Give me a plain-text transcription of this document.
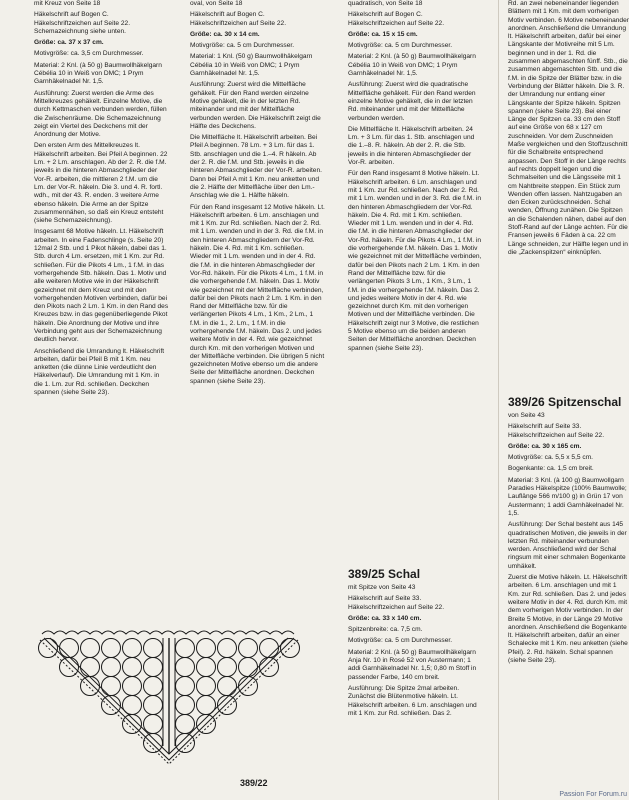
mit Kreuz von Seite 18

Häkelschrift auf Bogen C.

Häkelschriftzeichen auf Seite 22.

Schemazeichnung siehe unten.

Größe: ca. 37 x 37 cm.

Motivgröße: ca. 3,5 cm Durchmesser.

Material: 2 Knl. (à 50 g) Baumwollhäkelgarn Cébélia 10 in Weiß von DMC; 1 Prym Garnhäkelnadel Nr. 1,5.

Ausführung: Zuerst werden die Arme des Mittelkreuzes gehäkelt. Einzelne Motive, die durch Kettmaschen verbunden werden, füllen die Zwischenräume. Die Schemazeichnung zeigt ein Viertel des Deckchens mit der Anordnung der Motive.

Den ersten Arm des Mittelkreuzes lt. Häkelschrift arbeiten. Bei Pfeil A beginnen. 22 Lm. + 2 Lm. anschlagen. Ab der 2. R. die f.M. jeweils in die hinteren Abmaschglieder der Vor-R. arbeiten, die mittleren 2 f.M. um die Lm. der Vor-R. häkeln. Die 3. und 4. R. fortl. wdh., mit der 43. R. enden. 3 weitere Arme ebenso häkeln. Die Arme an der Spitze zusammennähen, so daß ein Kreuz entsteht (siehe Schemazeichnung).

Insgesamt 68 Motive häkeln. Lt. Häkelschrift arbeiten. In eine Fadenschlinge (s. Seite 20) 12mal 2 Stb. und 1 Pikot häkeln, dabei das 1. Stb. durch 4 Lm. ersetzen, mit 1 Km. zur Rd. schließen. Für die Pikots 4 Lm., 1 f.M. in das vorhergehende Stb. häkeln. Das 1. Motiv und alle weiteren Motive wie in der Häkelschrift gezeichnet mit dem Kreuz und mit den vorhergehenden Motiven verbinden, dafür bei den Pikots nach 2 Lm. 1 Km. in den Rand des Kreuzes bzw. in das gegenüberliegende Pikot häkeln. Die Anordnung der Motive und ihre Verbindung geht aus der Schemazeichnung deutlich hervor.

Anschließend die Umrandung lt. Häkelschrift arbeiten, dafür bei Pfeil B mit 1 Km. neu anketten (die dünne Linie verdeutlicht den Häkelverlauf). Die Umrandung mit 1 Km. in die 1. Lm. zur Rd. schließen. Deckchen spannen (siehe Seite 23).

oval, von Seite 18

Häkelschrift auf Bogen C.

Häkelschriftzeichen auf Seite 22.

Größe: ca. 30 x 14 cm.

Motivgröße: ca. 5 cm Durchmesser.

Material: 1 Knl. (50 g) Baumwollhäkelgarn Cébélia 10 in Weiß von DMC; 1 Prym Garnhäkelnadel Nr. 1,5.

Ausführung: Zuerst wird die Mittelfläche gehäkelt. Für den Rand werden einzelne Motive gehäkelt, die in der letzten Rd. miteinander und mit der Mittelfläche verbunden werden. Die Häkelschrift zeigt die Hälfte des Deckchens.

Die Mittelfläche lt. Häkelschrift arbeiten. Bei Pfeil A beginnen. 78 Lm. + 3 Lm. für das 1. Stb. anschlagen und die 1.–4. R häkeln. Ab der 2. R. die f.M. und Stb. jeweils in die hinteren Abmaschglieder der Vor-R. arbeiten. Dann bei Pfeil A mit 1 Km. neu anketten und die 2. Hälfte der Mittelfläche über den Lm.-Anschlag wie die 1. Hälfte häkeln.

Für den Rand insgesamt 12 Motive häkeln. Lt. Häkelschrift arbeiten. 6 Lm. anschlagen und mit 1 Km. zur Rd. schließen. Nach der 2. Rd. mit 1 Lm. wenden und in der 3. Rd. die f.M. in den hinteren Abmaschgliedern der Vor-Rd. häkeln. Die 4. Rd. mit 1 Km. schließen. Wieder mit 1 Lm. wenden und in der 4. Rd. die f.M. in die hinteren Abmaschglieder der Vor-Rd. häkeln. Für die Pikots 4 Lm., 1 f.M. in die vorhergehende f.M. häkeln. Das 1. Motiv wie gezeichnet mit der Mittelfläche verbinden, dafür bei den Pikots nach 2 Lm. 1 Km. in den Rand der Mittelfläche bzw. für die verlängerten Pikots 4 Lm., 1 Km., 2 Lm., 1 f.M. in die 1., 2. Lm., 1 f.M. in die vorhergehende f.M. häkeln. Das 2. und jedes weitere Motiv in der 4. Rd. wie gezeichnet durch Km. mit den vorherigen Motiven und der Mittelfläche verbinden. Die übrigen 5 nicht gezeichneten Motive ebenso um die andere Seite der Mittelfläche anordnen. Deckchen spannen (siehe Seite 23).

quadratisch, von Seite 18

Häkelschrift auf Bogen C.

Häkelschriftzeichen auf Seite 22.

Größe: ca. 15 x 15 cm.

Motivgröße: ca. 5 cm Durchmesser.

Material: 2 Knl. (à 50 g) Baumwollhäkelgarn Cébélia 10 in Weiß von DMC; 1 Prym Garnhäkelnadel Nr. 1,5.

Ausführung: Zuerst wird die quadratische Mittelfläche gehäkelt. Für den Rand werden einzelne Motive gehäkelt, die in der letzten Rd. miteinander und mit der Mittelfläche verbunden werden.

Die Mittelfläche lt. Häkelschrift arbeiten. 24 Lm. + 3 Lm. für das 1. Stb. anschlagen und die 1.–8. R. häkeln. Ab der 2. R. die Stb. jeweils in die hinteren Abmaschglieder der Vor-R. arbeiten.

Für den Rand insgesamt 8 Motive häkeln. Lt. Häkelschrift arbeiten. 6 Lm. anschlagen und mit 1 Km. zur Rd. schließen. Nach der 2. Rd. mit 1 Lm. wenden und in der 3. Rd. die f.M. in den hinteren Abmaschgliedern der Vor-Rd. häkeln. Die 4. Rd. mit 1 Km. schließen. Wieder mit 1 Lm. wenden und in der 4. Rd. die f.M. in die hinteren Abmaschglieder der Vor-Rd. häkeln. Für die Pikots 4 Lm., 1 f.M. in die vorhergehende f.M. häkeln. Das 1. Motiv wie gezeichnet mit der Mittelfläche verbinden, dafür bei den Pikots nach 2 Lm. 1 Km. in den Rand der Mittelfläche bzw. für die verlängerten Pikots 3 Lm., 1 Km., 3 Lm., 1 f.M. in die vorhergehende f.M. häkeln. Das 2. und jedes weitere Motiv in der 4. Rd. wie gezeichnet durch Km. mit den vorherigen Motiven und der Mittelfläche verbinden. Die Häkelschrift zeigt nur 3 Motive, die restlichen 5 Motive ebenso um die beiden anderen Seiten der Mittelfläche anordnen. Deckchen spannen (siehe Seite 23).

389/25 Schal

mit Spitze von Seite 43

Häkelschrift auf Seite 33.

Häkelschriftzeichen auf Seite 22.

Größe: ca. 33 x 140 cm.

Spitzenbreite: ca. 7,5 cm.

Motivgröße: ca. 5 cm Durchmesser.

Material: 2 Knl. (à 50 g) Baumwollhäkelgarn Anja Nr. 10 in Rosé 52 von Austermann; 1 addi Garnhäkelnadel Nr. 1,5; 0,80 m Stoff in passender Farbe, 140 cm breit.

Ausführung: Die Spitze 2mal arbeiten. Zunächst die Blütenmotive häkeln. Lt. Häkelschrift arbeiten. 6 Lm. anschlagen und mit 1 Km. zur Rd. schließen. Das 2.

Rd. an zwei nebeneinander liegenden Blättern mit 1 Km. mit dem vorherigen Motiv verbinden. 6 Motive nebeneinander anordnen. Anschließend die Umrandung lt. Häkelschrift arbeiten, dafür bei einer Längskante der Motivreihe mit 5 Lm. beginnen und in der 1. Rd. die zusammen abgemaschten fünff. Stb., die zusammen abgemaschten Stb. und die f.M. in die Spitze der Blätter bzw. in die Verbindung der Blätter häkeln. Die 3. R. der Umrandung nur entlang einer Längskante der Spitze häkeln. Spitzen spannen (siehe Seite 23). Bei einer Länge der Spitzen ca. 33 cm den Stoff auf eine Größe von 68 x 127 cm zuschneiden. Vor dem Zuschneiden Maße vergleichen und den Stoffzuschnitt für die Schalbreite entsprechend anpassen. Den Stoff in der Länge rechts auf rechts doppelt legen und die Schmalseiten und die Längsseite mit 1 cm Nahtbreite steppen. Ein Stück zum Wenden offen lassen. Nahtzugaben an den Ecken zurückschneiden. Schal wenden, Öffnung zunähen. Die Spitzen an die Schalenden nähen, dabei auf den Stoff-Rand auf der Länge achten. Für die Fransen jeweils 6 Fäden à ca. 22 cm Länge schneiden, zur Hälfte legen und in die „Zackenspitzen“ einknüpfen.

389/26 Spitzenschal

von Seite 43

Häkelschrift auf Seite 33.

Häkelschriftzeichen auf Seite 22.

Größe: ca. 30 x 165 cm.

Motivgröße: ca. 5,5 x 5,5 cm.

Bogenkante: ca. 1,5 cm breit.

Material: 3 Knl. (à 100 g) Baumwollgarn Paradies Häkelspitze (100% Baumwolle; Lauflänge 566 m/100 g) in Grün 17 von Austermann; 1 addi Garnhäkelnadel Nr. 1,5.

Ausführung: Der Schal besteht aus 145 quadratischen Motiven, die jeweils in der letzten Rd. miteinander verbunden werden. Anschließend wird der Schal ringsum mit einer schmalen Bogenkante umhäkelt.

Zuerst die Motive häkeln. Lt. Häkelschrift arbeiten. 6 Lm. anschlagen und mit 1 Km. zur Rd. schließen. Das 2. und jedes weitere Motiv in der 4. Rd. durch Km. mit dem vorherigen Motiv verbinden. In der Breite 5 Motive, in der Länge 29 Motive anordnen. Anschließend die Bogenkante lt. Häkelschrift arbeiten, dafür an einer Schalecke mit 1 Km. neu anketten (siehe Pfeil). 2. Rd. häkeln. Schal spannen (siehe Seite 23).

389/22
Passion For Forum.ru
